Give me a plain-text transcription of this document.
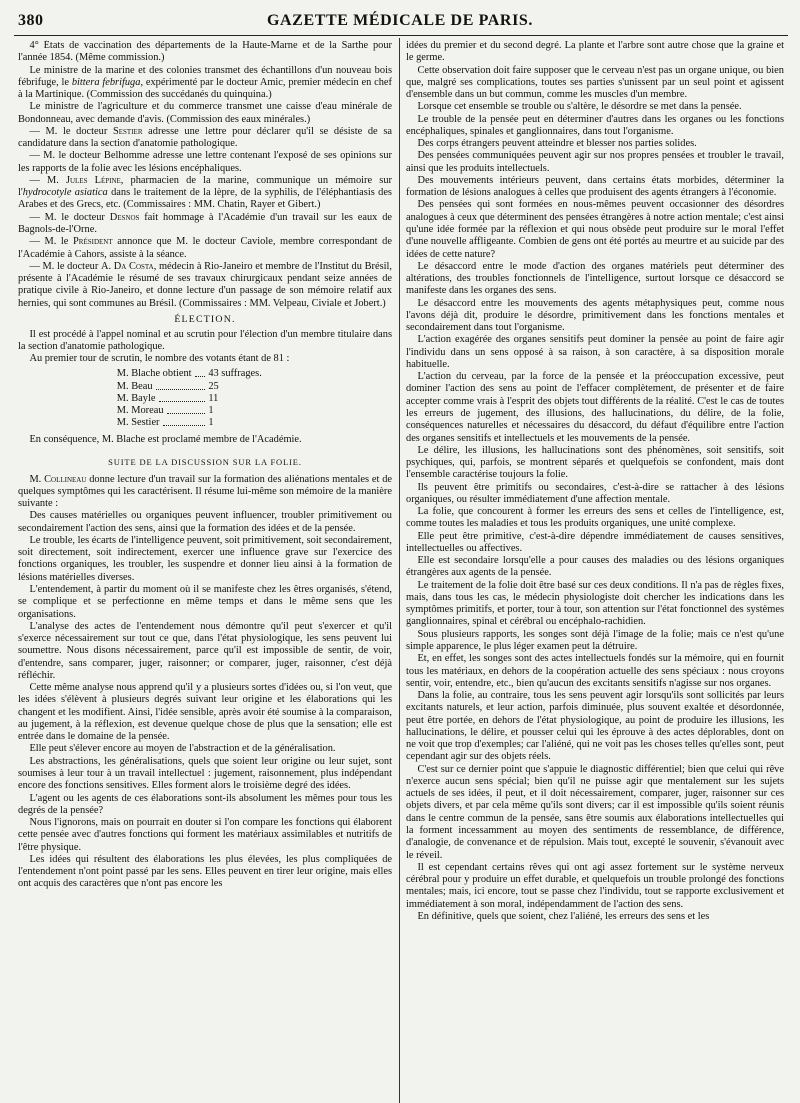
380	GAZETTE MÉDICALE DE PARIS.

4° États de vaccination des départements de la Haute-Marne et de la Sarthe pour l'année 1854. (Même commission.)

Le ministre de la marine et des colonies transmet des échantillons d'un nouveau bois fébrifuge, le bittera febrifuga, expérimenté par le docteur Amic, premier médecin en chef à la Martinique. (Commission des succédanés du quinquina.)

Le ministre de l'agriculture et du commerce transmet une caisse d'eau minérale de Bondonneau, avec demande d'avis. (Commission des eaux minérales.)

— M. le docteur Sestier adresse une lettre pour déclarer qu'il se désiste de sa candidature dans la section d'anatomie pathologique.

— M. le docteur Belhomme adresse une lettre contenant l'exposé de ses opinions sur les rapports de la folie avec les lésions encéphaliques.

— M. Jules Lépine, pharmacien de la marine, communique un mémoire sur l'hydrocotyle asiatica dans le traitement de la lèpre, de la syphilis, de l'éléphantiasis des Arabes et des Grecs, etc. (Commissaires : MM. Chatin, Rayer et Gibert.)

— M. le docteur Desnos fait hommage à l'Académie d'un travail sur les eaux de Bagnols-de-l'Orne.

— M. le Président annonce que M. le docteur Caviole, membre correspondant de l'Académie à Cahors, assiste à la séance.

— M. le docteur A. Da Costa, médecin à Rio-Janeiro et membre de l'Institut du Brésil, présente à l'Académie le résumé de ses travaux chirurgicaux pendant seize années de pratique civile à Rio-Janeiro, et donne lecture d'un passage de son mémoire relatif aux hernies, qui sont communes au Brésil. (Commissaires : MM. Velpeau, Civiale et Jobert.)

ÉLECTION.

Il est procédé à l'appel nominal et au scrutin pour l'élection d'un membre titulaire dans la section d'anatomie pathologique.

Au premier tour de scrutin, le nombre des votants étant de 81 :

M. Blache obtient 43 suffrages.
M. Beau	25
M. Bayle	11
M. Moreau	1
M. Sestier	1

En conséquence, M. Blache est proclamé membre de l'Académie.

SUITE DE LA DISCUSSION SUR LA FOLIE.

M. Collineau donne lecture d'un travail sur la formation des aliénations mentales et de quelques symptômes qui les caractérisent. Il résume lui-même son mémoire de la manière suivante :

Des causes matérielles ou organiques peuvent influencer, troubler primitivement ou secondairement l'action des sens, ainsi que la formation des idées et de la pensée.

Le trouble, les écarts de l'intelligence peuvent, soit primitivement, soit secondairement, soit directement, soit indirectement, exercer une influence grave sur l'exercice des fonctions organiques, les troubler, les suspendre et donner lieu ainsi à la formation de lésions matérielles diverses.

L'entendement, à partir du moment où il se manifeste chez les êtres organisés, s'étend, se complique et se perfectionne en même temps et dans le même sens que les organisations.

L'analyse des actes de l'entendement nous démontre qu'il peut s'exercer et qu'il s'exerce nécessairement sur tout ce que, dans l'état physiologique, les sens peuvent lui soumettre. Nous disons nécessairement, parce qu'il est impossible de sentir, de voir, d'entendre, sans comparer, juger, raisonner; or comparer, juger, raisonner, c'est déjà réfléchir.

Cette même analyse nous apprend qu'il y a plusieurs sortes d'idées ou, si l'on veut, que les idées s'élèvent à plusieurs degrés suivant leur origine et les élaborations qui les changent et les modifient. Ainsi, l'idée sensible, après avoir été soumise à la comparaison, au jugement, à la réflexion, est devenue quelque chose de plus que la sensation; elle est entrée dans le domaine de la pensée.

Elle peut s'élever encore au moyen de l'abstraction et de la généralisation.

Les abstractions, les généralisations, quels que soient leur origine ou leur sujet, sont soumises à leur tour à un travail intellectuel : jugement, raisonnement, plus indépendant encore des fonctions sensitives. Elles forment alors le troisième degré des idées.

L'agent ou les agents de ces élaborations sont-ils absolument les mêmes pour tous les degrés de la pensée?

Nous l'ignorons, mais on pourrait en douter si l'on compare les fonctions qui élaborent cette pensée avec d'autres fonctions qui forment les matériaux assimilables et nutritifs de l'être physique.

Les idées qui résultent des élaborations les plus élevées, les plus compliquées de l'entendement n'ont point passé par les sens. Elles peuvent en tirer leur origine, mais elles ont acquis des caractères que n'ont pas encore les

idées du premier et du second degré. La plante et l'arbre sont autre chose que la graine et le germe.

Cette observation doit faire supposer que le cerveau n'est pas un organe unique, ou bien que, malgré ses complications, toutes ses parties s'unissent par un seul point et agissent d'ensemble dans un but commun, comme les muscles d'un membre.

Lorsque cet ensemble se trouble ou s'altère, le désordre se met dans la pensée.

Le trouble de la pensée peut en déterminer d'autres dans les organes ou les fonctions encéphaliques, spinales et ganglionnaires, dans tout l'organisme.

Des corps étrangers peuvent atteindre et blesser nos parties solides.

Des pensées communiquées peuvent agir sur nos propres pensées et troubler le travail, ainsi que les produits intellectuels.

Des mouvements intérieurs peuvent, dans certains états morbides, déterminer la formation de lésions analogues à celles que produisent des agents étrangers à l'économie.

Des pensées qui sont formées en nous-mêmes peuvent occasionner des désordres analogues à ceux que déterminent des pensées étrangères à notre action mentale; c'est ainsi qu'une idée formée par la réflexion et qui nous obsède peut produire sur le moral l'effet d'une nouvelle affligeante. Combien de gens ont été portés au meurtre et au suicide par des idées de cette nature?

Le désaccord entre le mode d'action des organes matériels peut déterminer des altérations, des troubles fonctionnels de l'intelligence, surtout lorsque ce désaccord se manifeste dans les organes des sens.

Le désaccord entre les mouvements des agents métaphysiques peut, comme nous l'avons déjà dit, produire le désordre, primitivement dans les fonctions mentales et secondairement dans tout l'organisme.

L'action exagérée des organes sensitifs peut dominer la pensée au point de faire agir l'individu dans un sens opposé à sa raison, à son caractère, à sa disposition morale habituelle.

L'action du cerveau, par la force de la pensée et la préoccupation excessive, peut dominer l'action des sens au point de l'effacer complètement, de présenter et de faire accepter comme vrais à l'esprit des objets tout différents de la réalité. C'est le cas de toutes les erreurs de jugement, des illusions, des hallucinations, du délire, de la folie, conséquences naturelles et nécessaires du désaccord, du défaut d'équilibre entre l'action des organes sensitifs et intellectuels et les mouvements de la pensée.

Le délire, les illusions, les hallucinations sont des phénomènes, soit sensitifs, soit psychiques, qui, parfois, se montrent séparés et quelquefois se confondent, mais dont l'ensemble caractérise toujours la folie.

Ils peuvent être primitifs ou secondaires, c'est-à-dire se rattacher à des lésions organiques, ou résulter immédiatement d'une affection mentale.

La folie, que concourent à former les erreurs des sens et celles de l'intelligence, est, comme toutes les maladies et tous les produits organiques, une unité complexe.

Elle peut être primitive, c'est-à-dire dépendre immédiatement de causes sensitives, intellectuelles ou affectives.

Elle est secondaire lorsqu'elle a pour causes des maladies ou des lésions organiques étrangères aux agents de la pensée.

Le traitement de la folie doit être basé sur ces deux conditions. Il n'a pas de règles fixes, mais, dans tous les cas, le médecin physiologiste doit chercher les indications dans les symptômes primitifs, et porter, tour à tour, son attention sur l'état fonctionnel des systèmes ganglionnaires, spinal et cérébral ou encéphalo-rachidien.

Sous plusieurs rapports, les songes sont déjà l'image de la folie; mais ce n'est qu'une simple apparence, le plus léger examen peut la détruire.

Et, en effet, les songes sont des actes intellectuels fondés sur la mémoire, qui en fournit tous les matériaux, en dehors de la coopération actuelle des sens spéciaux : nous croyons sentir, voir, entendre, etc., bien qu'aucun des excitants sensitifs n'agisse sur nos organes.

Dans la folie, au contraire, tous les sens peuvent agir lorsqu'ils sont sollicités par leurs excitants naturels, et leur action, parfois diminuée, plus souvent exaltée et désordonnée, peut être portée, en dehors de l'état physiologique, au point de produire les illusions, les hallucinations, le délire, et pousser celui qui les éprouve à des actes déplorables, dont on ne voit que trop d'exemples; car l'aliéné, qui ne voit pas les choses telles qu'elles sont, peut cependant agir sur des objets réels.

C'est sur ce dernier point que s'appuie le diagnostic différentiel; bien que celui qui rêve n'exerce aucun sens spécial; bien qu'il ne puisse agir que mentalement sur les sujets actuels de ses idées, il peut, et il doit nécessairement, comparer, juger, raisonner sur ces objets divers, et par cela même qu'ils sont divers; car il est impossible qu'ils soient réunis dans le centre commun de la pensée, sans être soumis aux élaborations intellectuelles qui la forment incessamment au moyen des sentiments de ressemblance, de différence, d'analogie, de convenance et de répulsion. Mais tout, excepté le souvenir, s'évanouit avec le réveil.

Il est cependant certains rêves qui ont agi assez fortement sur le système nerveux cérébral pour y produire un effet durable, et quelquefois un trouble prolongé des fonctions mentales; mais, ici encore, tout se passe chez l'individu, tout se rapporte exclusivement et immédiatement à son moral, indépendamment de l'action des sens.

En définitive, quels que soient, chez l'aliéné, les erreurs des sens et les
